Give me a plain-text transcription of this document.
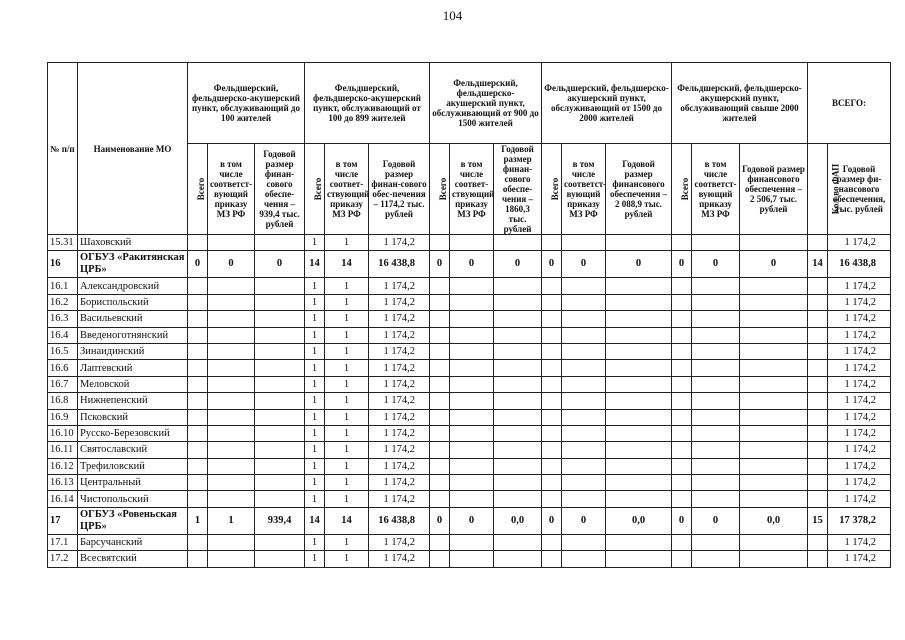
104
№ п/п	Наименование МО	Фельдшерский, фельдшерско-акушерский пункт, обслуживающий до 100 жителей			Фельдшерский, фельдшерско-акушерский пункт, обслуживающий от 100 до 899 жителей			Фельдшерский, фельдшерско-акушерский пункт, обслуживающий от 900 до 1500 жителей			Фельдшерский, фельдшерско-акушерский пункт, обслуживающий от 1500 до 2000 жителей			Фельдшерский, фельдшерско-акушерский пункт, обслуживающий свыше 2000 жителей			ВСЕГО:	
		Всего	в том числе соответст-вующий приказу МЗ РФ	Годовой размер финан-сового обеспе-чения – 939,4 тыс. рублей	Всего	в том числе соответ-ствующий приказу МЗ РФ	Годовой размер финан-сового обес-печения – 1174,2 тыс. рублей	Всего	в том числе соответ-ствующий приказу МЗ РФ	Годовой размер финан-сового обеспе-чения – 1860,3 тыс. рублей	Всего	в том числе соответст-вующий приказу МЗ РФ	Годовой размер финансового обеспечения – 2 088,9 тыс. рублей	Всего	в том числе соответст-вующий приказу МЗ РФ	Годовой размер финансового обеспечения – 2 506,7 тыс. рублей	Кол-во ФАП	Годовой размер фи-нансового обеспечения, тыс. рублей
15.31	Шаховский				1	1	1 174,2											1 174,2
16	ОГБУЗ «Ракитянская ЦРБ»	0	0	0	14	14	16 438,8	0	0	0	0	0	0	0	0	0	14	16 438,8
16.1	Александровский				1	1	1 174,2											1 174,2
16.2	Бориспольский				1	1	1 174,2											1 174,2
16.3	Васильевский				1	1	1 174,2											1 174,2
16.4	Введеноготнянский				1	1	1 174,2											1 174,2
16.5	Зинаидинский				1	1	1 174,2											1 174,2
16.6	Лаптевский				1	1	1 174,2											1 174,2
16.7	Меловской				1	1	1 174,2											1 174,2
16.8	Нижнепенский				1	1	1 174,2											1 174,2
16.9	Псковский				1	1	1 174,2											1 174,2
16.10	Русско-Березовский				1	1	1 174,2											1 174,2
16.11	Святославский				1	1	1 174,2											1 174,2
16.12	Трефиловский				1	1	1 174,2											1 174,2
16.13	Центральный				1	1	1 174,2											1 174,2
16.14	Чистопольский				1	1	1 174,2											1 174,2
17	ОГБУЗ «Ровеньская ЦРБ»	1	1	939,4	14	14	16 438,8	0	0	0,0	0	0	0,0	0	0	0,0	15	17 378,2
17.1	Барсучанский				1	1	1 174,2											1 174,2
17.2	Всесвятский				1	1	1 174,2											1 174,2
